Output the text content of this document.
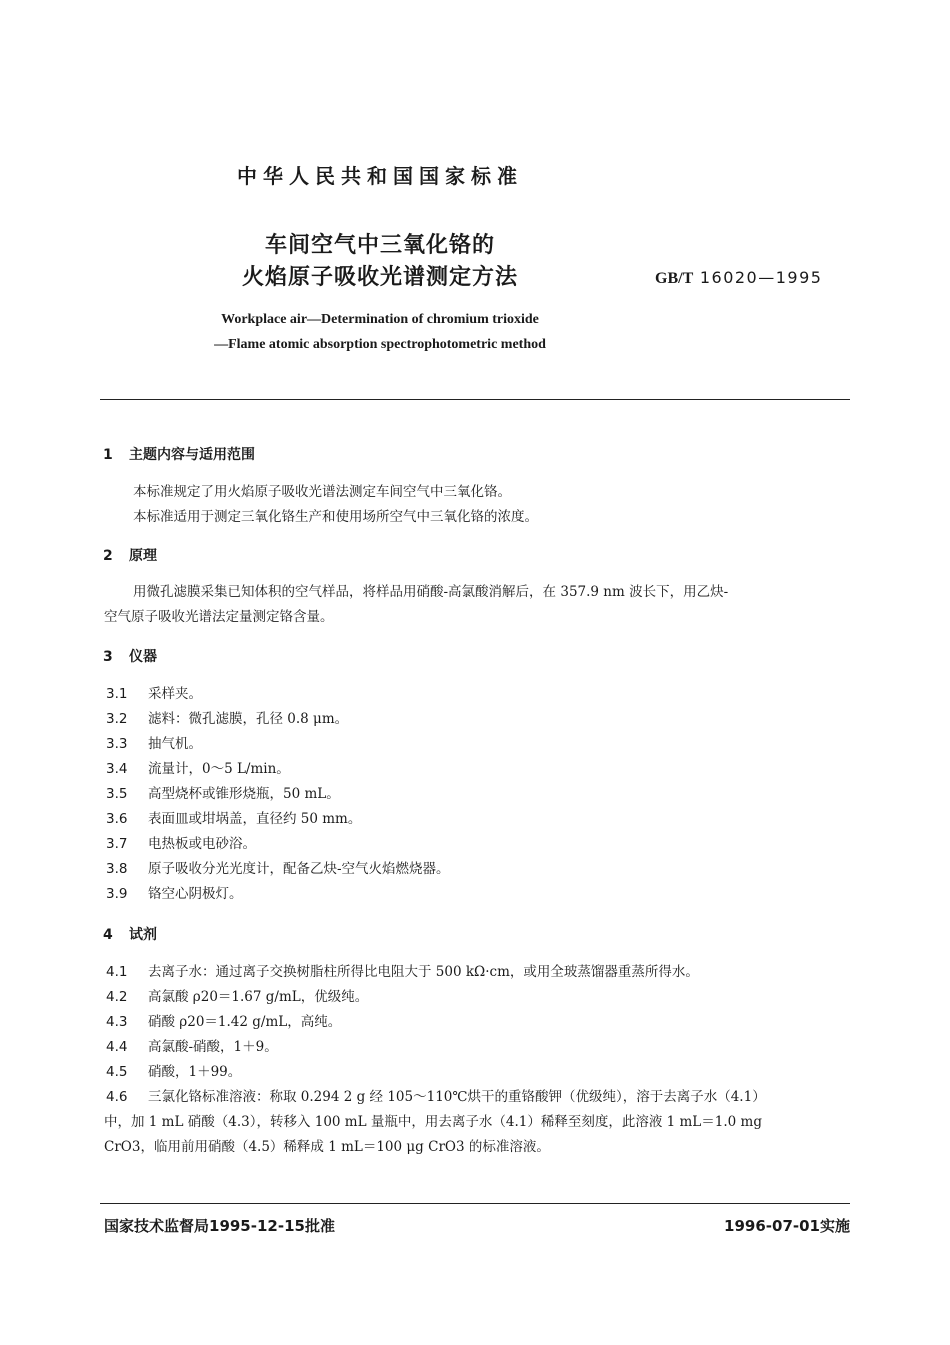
中华人民共和国国家标准
车间空气中三氧化铬的
火焰原子吸收光谱测定方法	GB/T 16020—1995
Workplace air—Determination of chromium trioxide
—Flame atomic absorption spectrophotometric method
1 主题内容与适用范围
本标准规定了用火焰原子吸收光谱法测定车间空气中三氧化铬。
本标准适用于测定三氧化铬生产和使用场所空气中三氧化铬的浓度。
2 原理
用微孔滤膜采集已知体积的空气样品，将样品用硝酸-高氯酸消解后，在 357.9 nm 波长下，用乙炔-
空气原子吸收光谱法定量测定铬含量。
3 仪器
3.1 采样夹。
3.2 滤料：微孔滤膜，孔径 0.8 μm。
3.3 抽气机。
3.4 流量计，0～5 L/min。
3.5 高型烧杯或锥形烧瓶，50 mL。
3.6 表面皿或坩埚盖，直径约 50 mm。
3.7 电热板或电砂浴。
3.8 原子吸收分光光度计，配备乙炔-空气火焰燃烧器。
3.9 铬空心阴极灯。
4 试剂
4.1 去离子水：通过离子交换树脂柱所得比电阻大于 500 kΩ·cm，或用全玻蒸馏器重蒸所得水。
4.2 高氯酸 ρ20＝1.67 g/mL，优级纯。
4.3 硝酸 ρ20＝1.42 g/mL，高纯。
4.4 高氯酸-硝酸，1＋9。
4.5 硝酸，1＋99。
4.6 三氯化铬标准溶液：称取 0.294 2 g 经 105～110℃烘干的重铬酸钾（优级纯），溶于去离子水（4.1）
中，加 1 mL 硝酸（4.3），转移入 100 mL 量瓶中，用去离子水（4.1）稀释至刻度，此溶液 1 mL＝1.0 mg
CrO3，临用前用硝酸（4.5）稀释成 1 mL＝100 μg CrO3 的标准溶液。
国家技术监督局1995-12-15批准	1996-07-01实施
